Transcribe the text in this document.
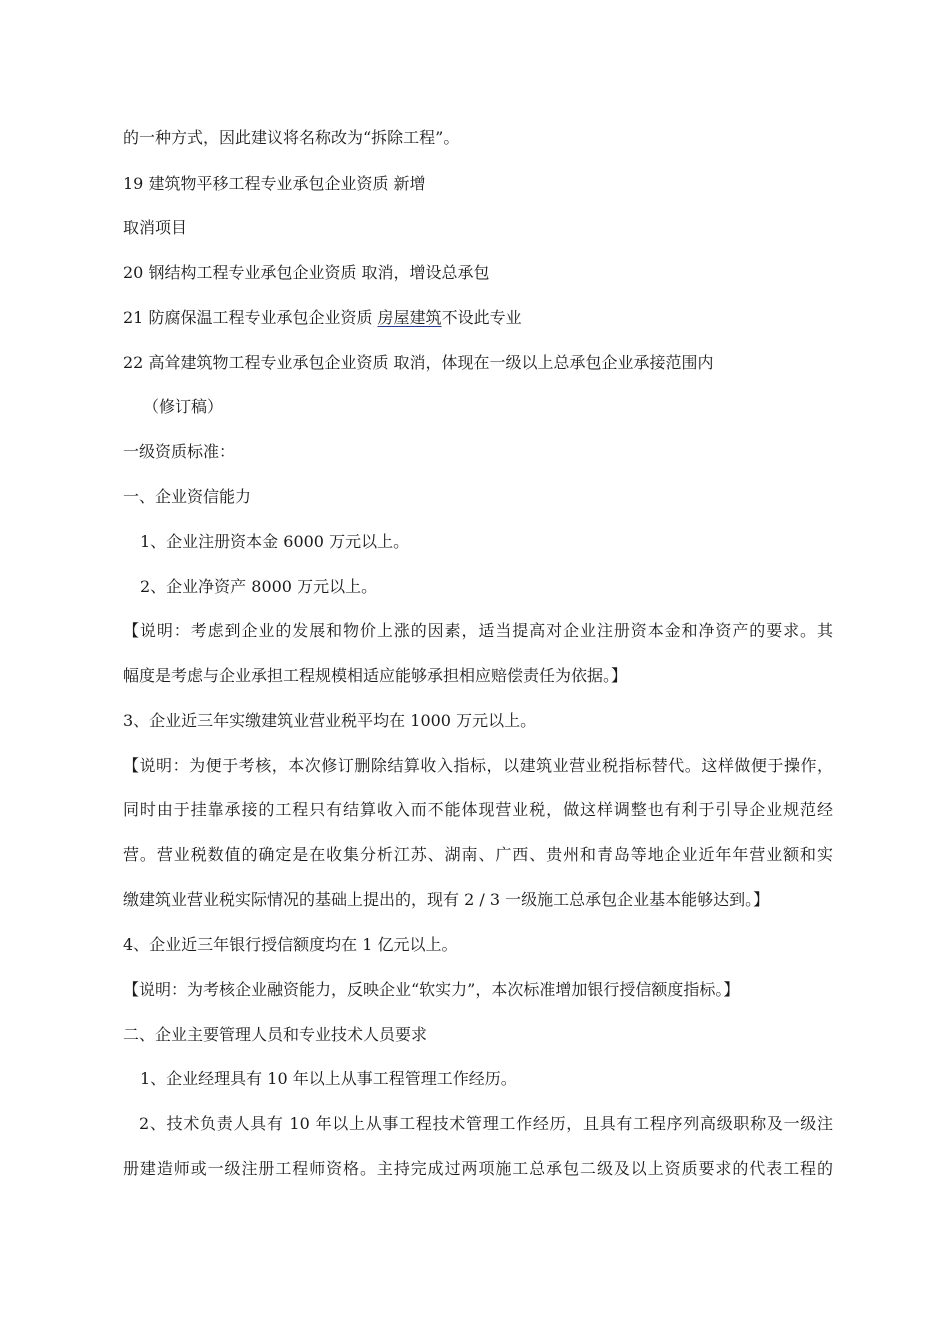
的一种方式，因此建议将名称改为“拆除工程”。
19 建筑物平移工程专业承包企业资质 新增
取消项目
20 钢结构工程专业承包企业资质 取消，增设总承包
21 防腐保温工程专业承包企业资质 房屋建筑不设此专业
22 高耸建筑物工程专业承包企业资质 取消，体现在一级以上总承包企业承接范围内
（修订稿）
一级资质标准：
一、企业资信能力
1、企业注册资本金 6000 万元以上。
2、企业净资产 8000 万元以上。
【说明：考虑到企业的发展和物价上涨的因素，适当提高对企业注册资本金和净资产的要求。其
幅度是考虑与企业承担工程规模相适应能够承担相应赔偿责任为依据。】
3、企业近三年实缴建筑业营业税平均在 1000 万元以上。
【说明：为便于考核，本次修订删除结算收入指标，以建筑业营业税指标替代。这样做便于操作，
同时由于挂靠承接的工程只有结算收入而不能体现营业税，做这样调整也有利于引导企业规范经
营。营业税数值的确定是在收集分析江苏、湖南、广西、贵州和青岛等地企业近年年营业额和实
缴建筑业营业税实际情况的基础上提出的，现有 2 / 3 一级施工总承包企业基本能够达到。】
4、企业近三年银行授信额度均在 1 亿元以上。
【说明：为考核企业融资能力，反映企业“软实力”，本次标准增加银行授信额度指标。】
二、企业主要管理人员和专业技术人员要求
1、企业经理具有 10 年以上从事工程管理工作经历。
2、技术负责人具有 10 年以上从事工程技术管理工作经历，且具有工程序列高级职称及一级注
册建造师或一级注册工程师资格。主持完成过两项施工总承包二级及以上资质要求的代表工程的
